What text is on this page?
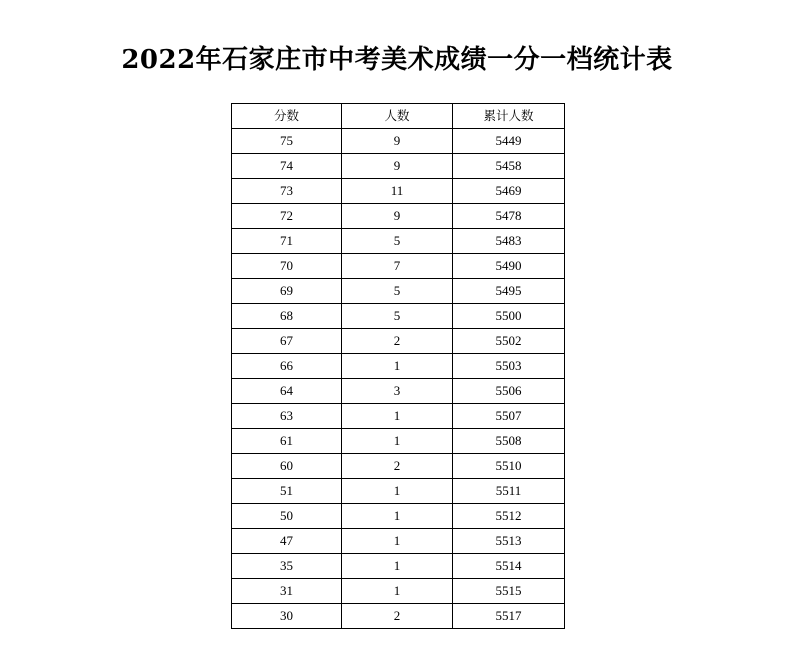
2022年石家庄市中考美术成绩一分一档统计表
分数	人数	累计人数
75	9	5449
74	9	5458
73	11	5469
72	9	5478
71	5	5483
70	7	5490
69	5	5495
68	5	5500
67	2	5502
66	1	5503
64	3	5506
63	1	5507
61	1	5508
60	2	5510
51	1	5511
50	1	5512
47	1	5513
35	1	5514
31	1	5515
30	2	5517
